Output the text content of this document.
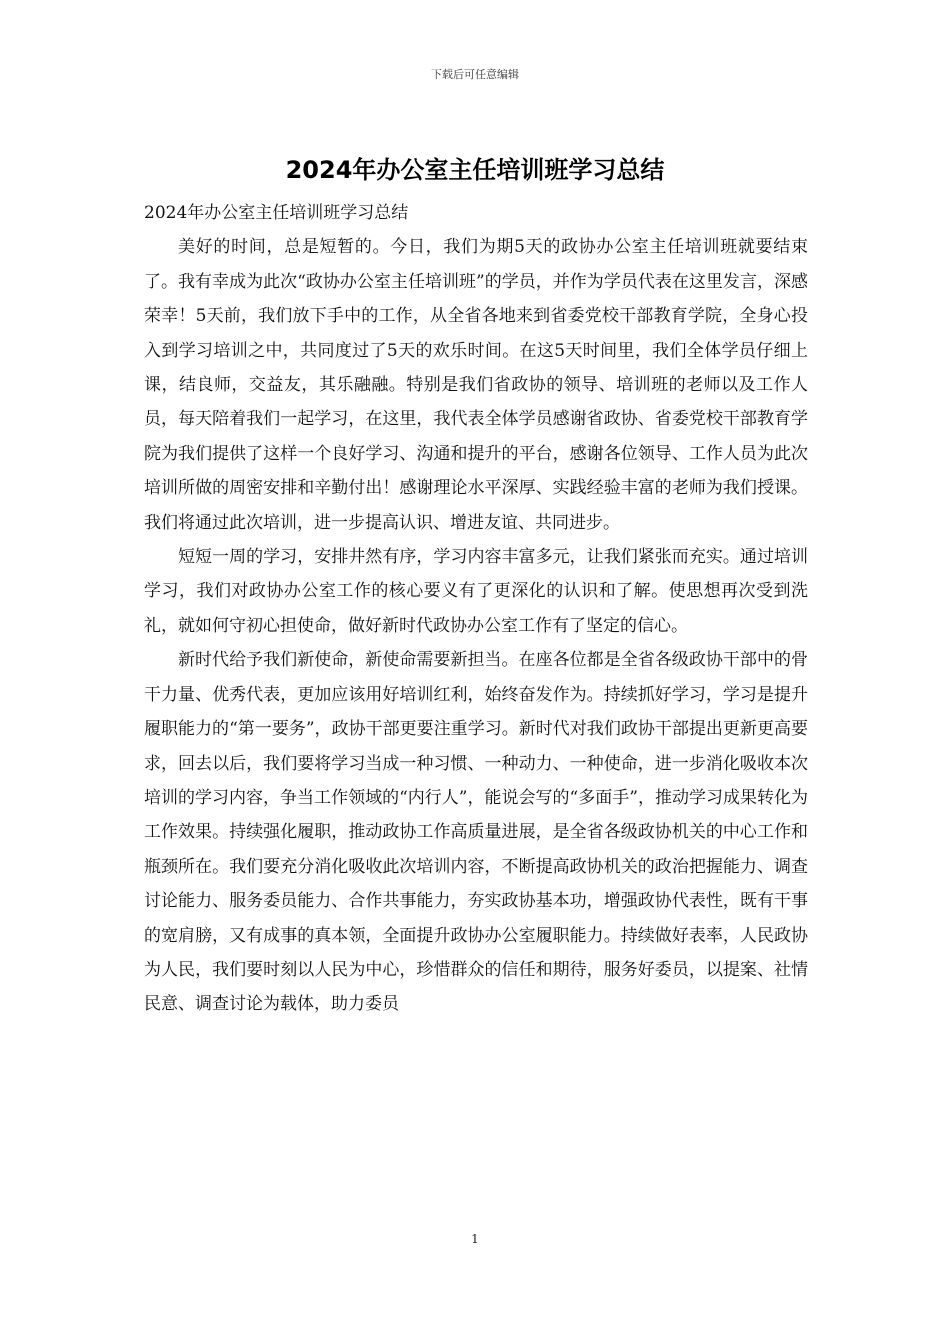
下载后可任意编辑
2024年办公室主任培训班学习总结

2024年办公室主任培训班学习总结

美好的时间，总是短暂的。今日，我们为期5天的政协办公室主任培训班就要结束了。我有幸成为此次“政协办公室主任培训班”的学员，并作为学员代表在这里发言，深感荣幸！5天前，我们放下手中的工作，从全省各地来到省委党校干部教育学院，全身心投入到学习培训之中，共同度过了5天的欢乐时间。在这5天时间里，我们全体学员仔细上课，结良师，交益友，其乐融融。特别是我们省政协的领导、培训班的老师以及工作人员，每天陪着我们一起学习，在这里，我代表全体学员感谢省政协、省委党校干部教育学院为我们提供了这样一个良好学习、沟通和提升的平台，感谢各位领导、工作人员为此次培训所做的周密安排和辛勤付出！感谢理论水平深厚、实践经验丰富的老师为我们授课。我们将通过此次培训，进一步提高认识、增进友谊、共同进步。

短短一周的学习，安排井然有序，学习内容丰富多元，让我们紧张而充实。通过培训学习，我们对政协办公室工作的核心要义有了更深化的认识和了解。使思想再次受到洗礼，就如何守初心担使命，做好新时代政协办公室工作有了坚定的信心。

新时代给予我们新使命，新使命需要新担当。在座各位都是全省各级政协干部中的骨干力量、优秀代表，更加应该用好培训红利，始终奋发作为。持续抓好学习，学习是提升履职能力的“第一要务”，政协干部更要注重学习。新时代对我们政协干部提出更新更高要求，回去以后，我们要将学习当成一种习惯、一种动力、一种使命，进一步消化吸收本次培训的学习内容，争当工作领域的“内行人”，能说会写的“多面手”，推动学习成果转化为工作效果。持续强化履职，推动政协工作高质量进展，是全省各级政协机关的中心工作和瓶颈所在。我们要充分消化吸收此次培训内容，不断提高政协机关的政治把握能力、调查讨论能力、服务委员能力、合作共事能力，夯实政协基本功，增强政协代表性，既有干事的宽肩膀，又有成事的真本领，全面提升政协办公室履职能力。持续做好表率，人民政协为人民，我们要时刻以人民为中心，珍惜群众的信任和期待，服务好委员，以提案、社情民意、调查讨论为载体，助力委员

1
